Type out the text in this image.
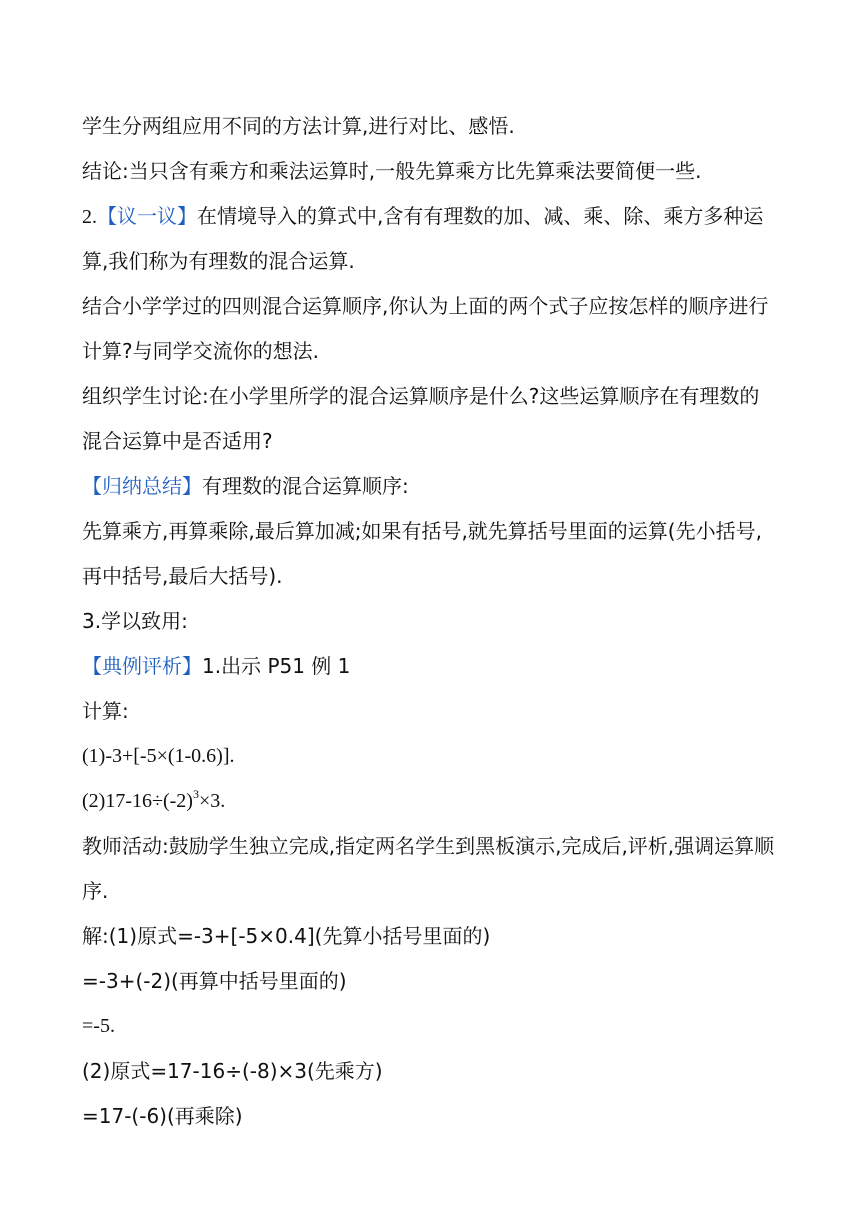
学生分两组应用不同的方法计算,进行对比、感悟.

结论:当只含有乘方和乘法运算时,一般先算乘方比先算乘法要简便一些.

2.【议一议】在情境导入的算式中,含有有理数的加、减、乘、除、乘方多种运

算,我们称为有理数的混合运算.

结合小学学过的四则混合运算顺序,你认为上面的两个式子应按怎样的顺序进行

计算?与同学交流你的想法.

组织学生讨论:在小学里所学的混合运算顺序是什么?这些运算顺序在有理数的

混合运算中是否适用?

【归纳总结】有理数的混合运算顺序:

先算乘方,再算乘除,最后算加减;如果有括号,就先算括号里面的运算(先小括号,

再中括号,最后大括号).

3.学以致用:

【典例评析】1.出示 P51 例 1

计算:

(1)-3+[-5×(1-0.6)].

$(2)17-16\div(-2)^3\times 3$.

教师活动:鼓励学生独立完成,指定两名学生到黑板演示,完成后,评析,强调运算顺

序.

解:(1)原式=-3+[-5×0.4](先算小括号里面的)

=-3+(-2)(再算中括号里面的)

=-5.

(2)原式=17-16÷(-8)×3(先乘方)

=17-(-6)(再乘除)
